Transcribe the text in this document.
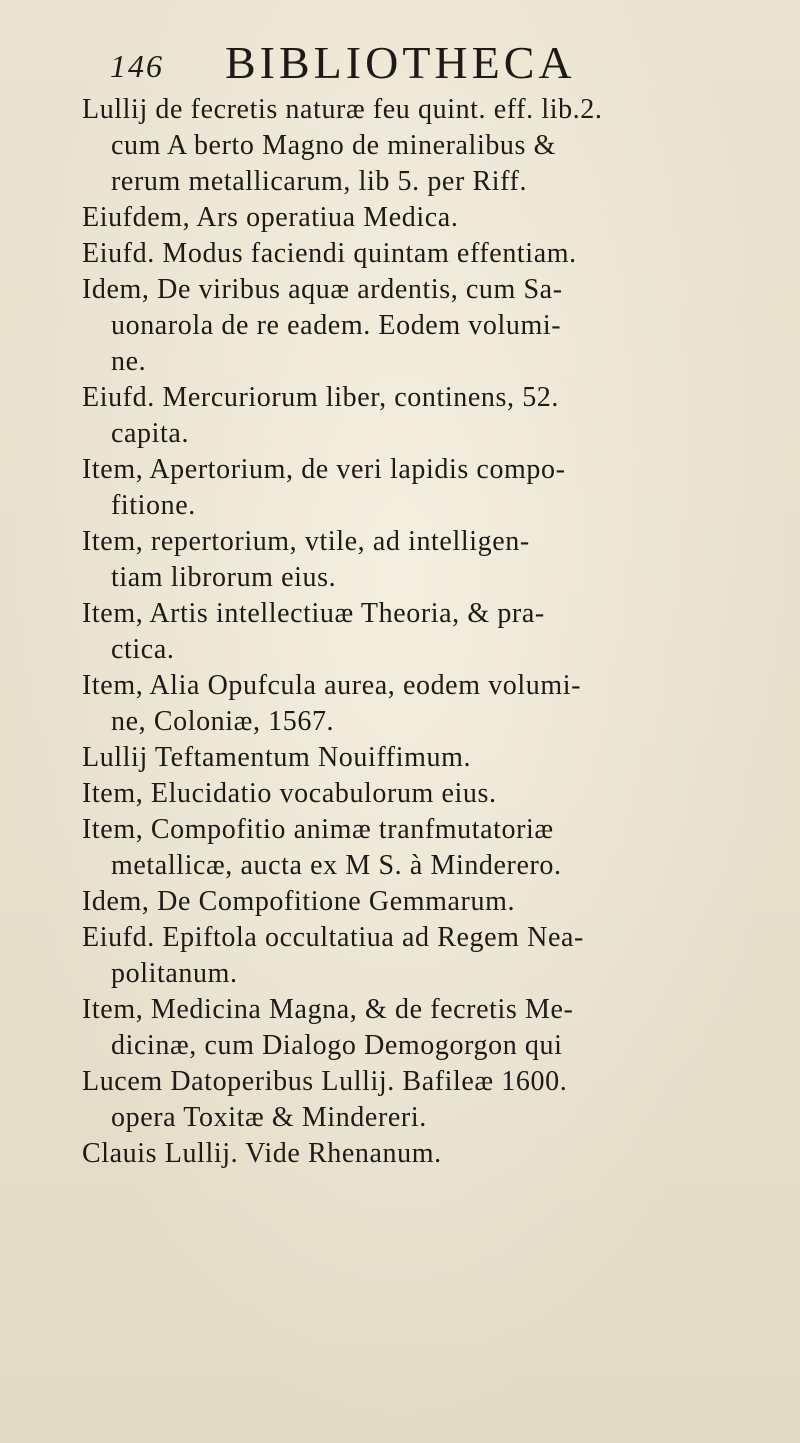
146 BIBLIOTHECA
Lullij de fecretis naturæ feu quint. eff. lib.2.
cum A berto Magno de mineralibus &
rerum metallicarum, lib 5. per Riff.
Eiufdem, Ars operatiua Medica.
Eiufd. Modus faciendi quintam effentiam.
Idem, De viribus aquæ ardentis, cum Sa-
uonarola de re eadem. Eodem volumi-
ne.
Eiufd. Mercuriorum liber, continens, 52.
capita.
Item, Apertorium, de veri lapidis compo-
fitione.
Item, repertorium, vtile, ad intelligen-
tiam librorum eius.
Item, Artis intellectiuæ Theoria, & pra-
ctica.
Item, Alia Opufcula aurea, eodem volumi-
ne, Coloniæ, 1567.
Lullij Teftamentum Nouiffimum.
Item, Elucidatio vocabulorum eius.
Item, Compofitio animæ tranfmutatoriæ
metallicæ, aucta ex M S. à Minderero.
Idem, De Compofitione Gemmarum.
Eiufd. Epiftola occultatiua ad Regem Nea-
politanum.
Item, Medicina Magna, & de fecretis Me-
dicinæ, cum Dialogo Demogorgon qui
Lucem Datoperibus Lullij. Bafileæ 1600.
opera Toxitæ & Mindereri.
Clauis Lullij. Vide Rhenanum.
